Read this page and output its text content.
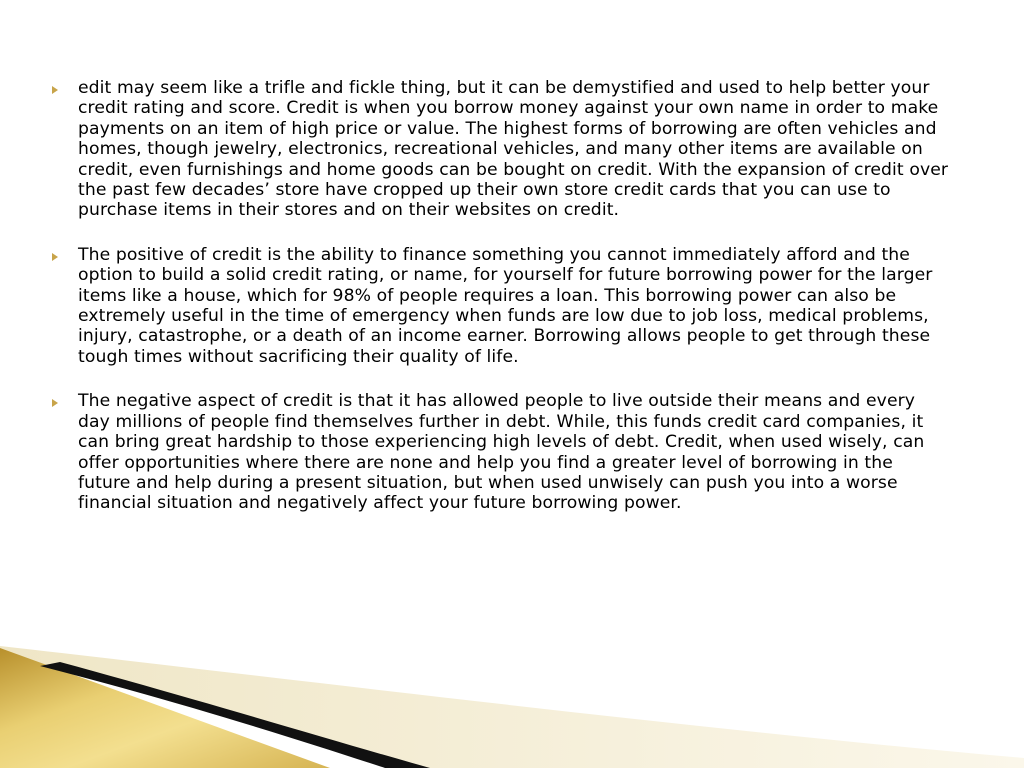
edit may seem like a trifle and fickle thing, but it can be demystified and used to help better your credit rating and score. Credit is when you borrow money against your own name in order to make payments on an item of high price or value. The highest forms of borrowing are often vehicles and homes, though jewelry, electronics, recreational vehicles, and many other items are available on credit, even furnishings and home goods can be bought on credit. With the expansion of credit over the past few decades’ store have cropped up their own store credit cards that you can use to purchase items in their stores and on their websites on credit.
The positive of credit is the ability to finance something you cannot immediately afford and the option to build a solid credit rating, or name, for yourself for future borrowing power for the larger items like a house, which for 98% of people requires a loan. This borrowing power can also be extremely useful in the time of emergency when funds are low due to job loss, medical problems, injury, catastrophe, or a death of an income earner. Borrowing allows people to get through these tough times without sacrificing their quality of life.
The negative aspect of credit is that it has allowed people to live outside their means and every day millions of people find themselves further in debt. While, this funds credit card companies, it can bring great hardship to those experiencing high levels of debt. Credit, when used wisely, can offer opportunities where there are none and help you find a greater level of borrowing in the future and help during a present situation, but when used unwisely can push you into a worse financial situation and negatively affect your future borrowing power.
